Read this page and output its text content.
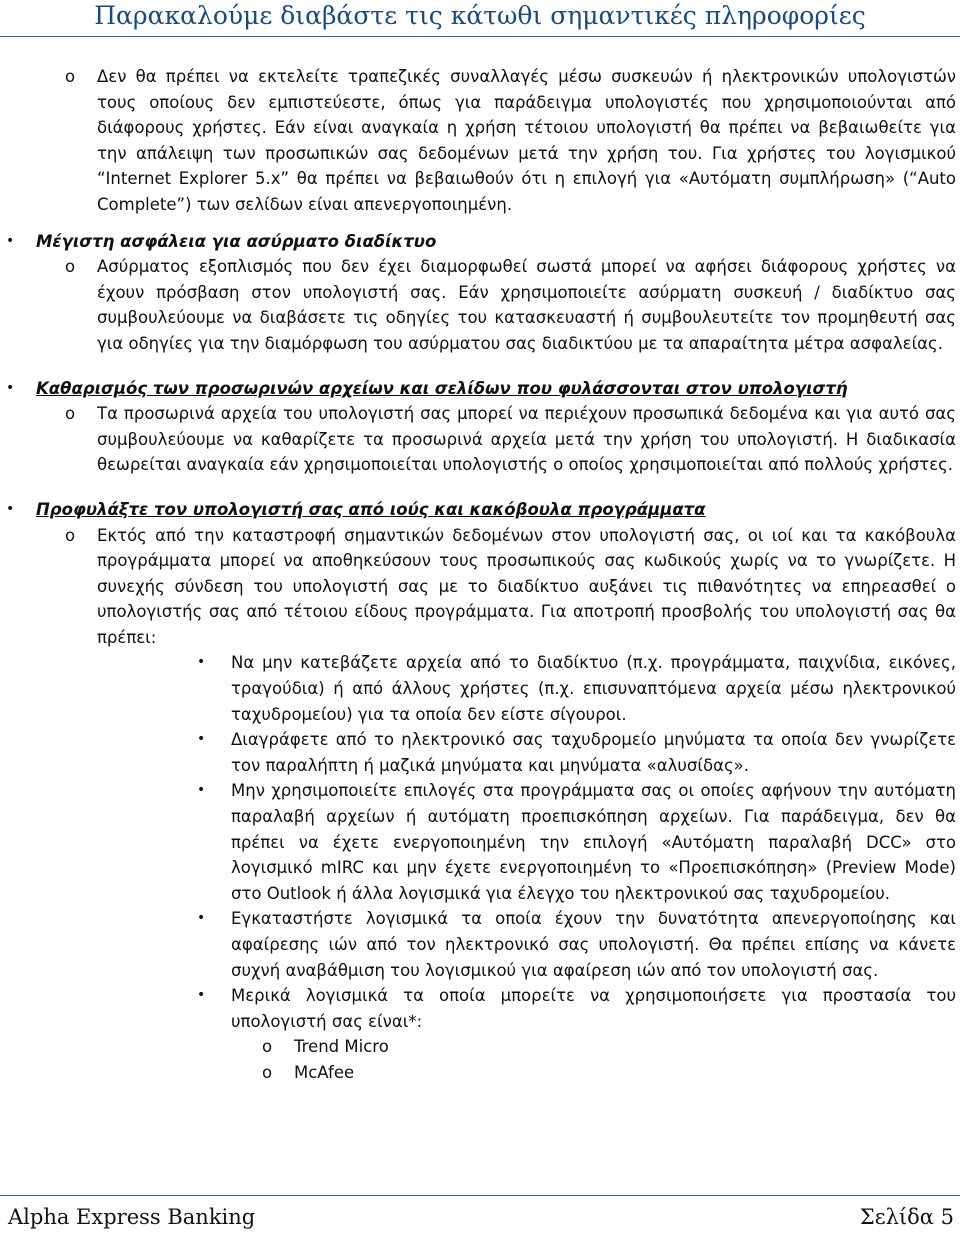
Παρακαλούμε διαβάστε τις κάτωθι σημαντικές πληροφορίες
o Δεν θα πρέπει να εκτελείτε τραπεζικές συναλλαγές μέσω συσκευών ή ηλεκτρονικών υπολογιστών τους οποίους δεν εμπιστεύεστε, όπως για παράδειγμα υπολογιστές που χρησιμοποιούνται από διάφορους χρήστες. Εάν είναι αναγκαία η χρήση τέτοιου υπολογιστή θα πρέπει να βεβαιωθείτε για την απάλειψη των προσωπικών σας δεδομένων μετά την χρήση του. Για χρήστες του λογισμικού “Internet Explorer 5.x” θα πρέπει να βεβαιωθούν ότι η επιλογή για «Αυτόματη συμπλήρωση» (“Auto Complete”) των σελίδων είναι απενεργοποιημένη.
• Μέγιστη ασφάλεια για ασύρματο διαδίκτυο
o Ασύρματος εξοπλισμός που δεν έχει διαμορφωθεί σωστά μπορεί να αφήσει διάφορους χρήστες να έχουν πρόσβαση στον υπολογιστή σας. Εάν χρησιμοποιείτε ασύρματη συσκευή / διαδίκτυο σας συμβουλεύουμε να διαβάσετε τις οδηγίες του κατασκευαστή ή συμβουλευτείτε τον προμηθευτή σας για οδηγίες για την διαμόρφωση του ασύρματου σας διαδικτύου με τα απαραίτητα μέτρα ασφαλείας.
• Καθαρισμός των προσωρινών αρχείων και σελίδων που φυλάσσονται στον υπολογιστή
o Τα προσωρινά αρχεία του υπολογιστή σας μπορεί να περιέχουν προσωπικά δεδομένα και για αυτό σας συμβουλεύουμε να καθαρίζετε τα προσωρινά αρχεία μετά την χρήση του υπολογιστή. Η διαδικασία θεωρείται αναγκαία εάν χρησιμοποιείται υπολογιστής ο οποίος χρησιμοποιείται από πολλούς χρήστες.
• Προφυλάξτε τον υπολογιστή σας από ιούς και κακόβουλα προγράμματα
o Εκτός από την καταστροφή σημαντικών δεδομένων στον υπολογιστή σας, οι ιοί και τα κακόβουλα προγράμματα μπορεί να αποθηκεύσουν τους προσωπικούς σας κωδικούς χωρίς να το γνωρίζετε. Η συνεχής σύνδεση του υπολογιστή σας με το διαδίκτυο αυξάνει τις πιθανότητες να επηρεασθεί ο υπολογιστής σας από τέτοιου είδους προγράμματα. Για αποτροπή προσβολής του υπολογιστή σας θα πρέπει:
• Να μην κατεβάζετε αρχεία από το διαδίκτυο (π.χ. προγράμματα, παιχνίδια, εικόνες, τραγούδια) ή από άλλους χρήστες (π.χ. επισυναπτόμενα αρχεία μέσω ηλεκτρονικού ταχυδρομείου) για τα οποία δεν είστε σίγουροι.
• Διαγράφετε από το ηλεκτρονικό σας ταχυδρομείο μηνύματα τα οποία δεν γνωρίζετε τον παραλήπτη ή μαζικά μηνύματα και μηνύματα «αλυσίδας».
• Μην χρησιμοποιείτε επιλογές στα προγράμματα σας οι οποίες αφήνουν την αυτόματη παραλαβή αρχείων ή αυτόματη προεπισκόπηση αρχείων. Για παράδειγμα, δεν θα πρέπει να έχετε ενεργοποιημένη την επιλογή «Αυτόματη παραλαβή DCC» στο λογισμικό mIRC και μην έχετε ενεργοποιημένη το «Προεπισκόπηση» (Preview Mode) στο Outlook ή άλλα λογισμικά για έλεγχο του ηλεκτρονικού σας ταχυδρομείου.
• Εγκαταστήστε λογισμικά τα οποία έχουν την δυνατότητα απενεργοποίησης και αφαίρεσης ιών από τον ηλεκτρονικό σας υπολογιστή. Θα πρέπει επίσης να κάνετε συχνή αναβάθμιση του λογισμικού για αφαίρεση ιών από τον υπολογιστή σας.
• Μερικά λογισμικά τα οποία μπορείτε να χρησιμοποιήσετε για προστασία του υπολογιστή σας είναι*:
o Trend Micro
o McAfee
Alpha Express Banking	Σελίδα 5
